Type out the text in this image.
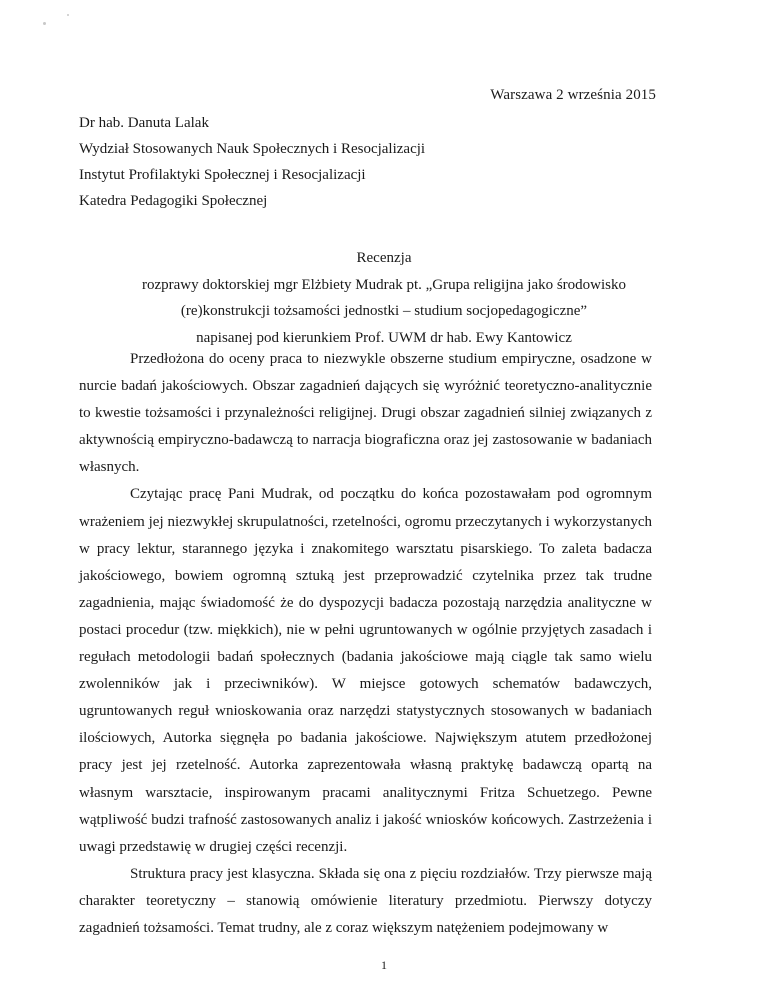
Warszawa 2 września 2015
Dr hab. Danuta Lalak
Wydział Stosowanych Nauk Społecznych i Resocjalizacji
Instytut Profilaktyki Społecznej i Resocjalizacji
Katedra Pedagogiki Społecznej
Recenzja
rozprawy doktorskiej mgr Elżbiety Mudrak pt. „Grupa religijna jako środowisko
(re)konstrukcji tożsamości jednostki – studium socjopedagogiczne”
napisanej pod kierunkiem Prof. UWM dr hab. Ewy Kantowicz

Przedłożona do oceny praca to niezwykle obszerne studium empiryczne, osadzone w nurcie badań jakościowych. Obszar zagadnień dających się wyróżnić teoretyczno-analitycznie to kwestie tożsamości i przynależności religijnej. Drugi obszar zagadnień silniej związanych z aktywnością empiryczno-badawczą to narracja biograficzna oraz jej zastosowanie w badaniach własnych.

Czytając pracę Pani Mudrak, od początku do końca pozostawałam pod ogromnym wrażeniem jej niezwykłej skrupulatności, rzetelności, ogromu przeczytanych i wykorzystanych w pracy lektur, starannego języka i znakomitego warsztatu pisarskiego. To zaleta badacza jakościowego, bowiem ogromną sztuką jest przeprowadzić czytelnika przez tak trudne zagadnienia, mając świadomość że do dyspozycji badacza pozostają narzędzia analityczne w postaci procedur (tzw. miękkich), nie w pełni ugruntowanych w ogólnie przyjętych zasadach i regułach metodologii badań społecznych (badania jakościowe mają ciągle tak samo wielu zwolenników jak i przeciwników). W miejsce gotowych schematów badawczych, ugruntowanych reguł wnioskowania oraz narzędzi statystycznych stosowanych w badaniach ilościowych, Autorka sięgnęła po badania jakościowe. Największym atutem przedłożonej pracy jest jej rzetelność. Autorka zaprezentowała własną praktykę badawczą opartą na własnym warsztacie, inspirowanym pracami analitycznymi Fritza Schuetzego. Pewne wątpliwość budzi trafność zastosowanych analiz i jakość wniosków końcowych. Zastrzeżenia i uwagi przedstawię w drugiej części recenzji.

Struktura pracy jest klasyczna. Składa się ona z pięciu rozdziałów. Trzy pierwsze mają charakter teoretyczny – stanowią omówienie literatury przedmiotu. Pierwszy dotyczy zagadnień tożsamości. Temat trudny, ale z coraz większym natężeniem podejmowany w

1
